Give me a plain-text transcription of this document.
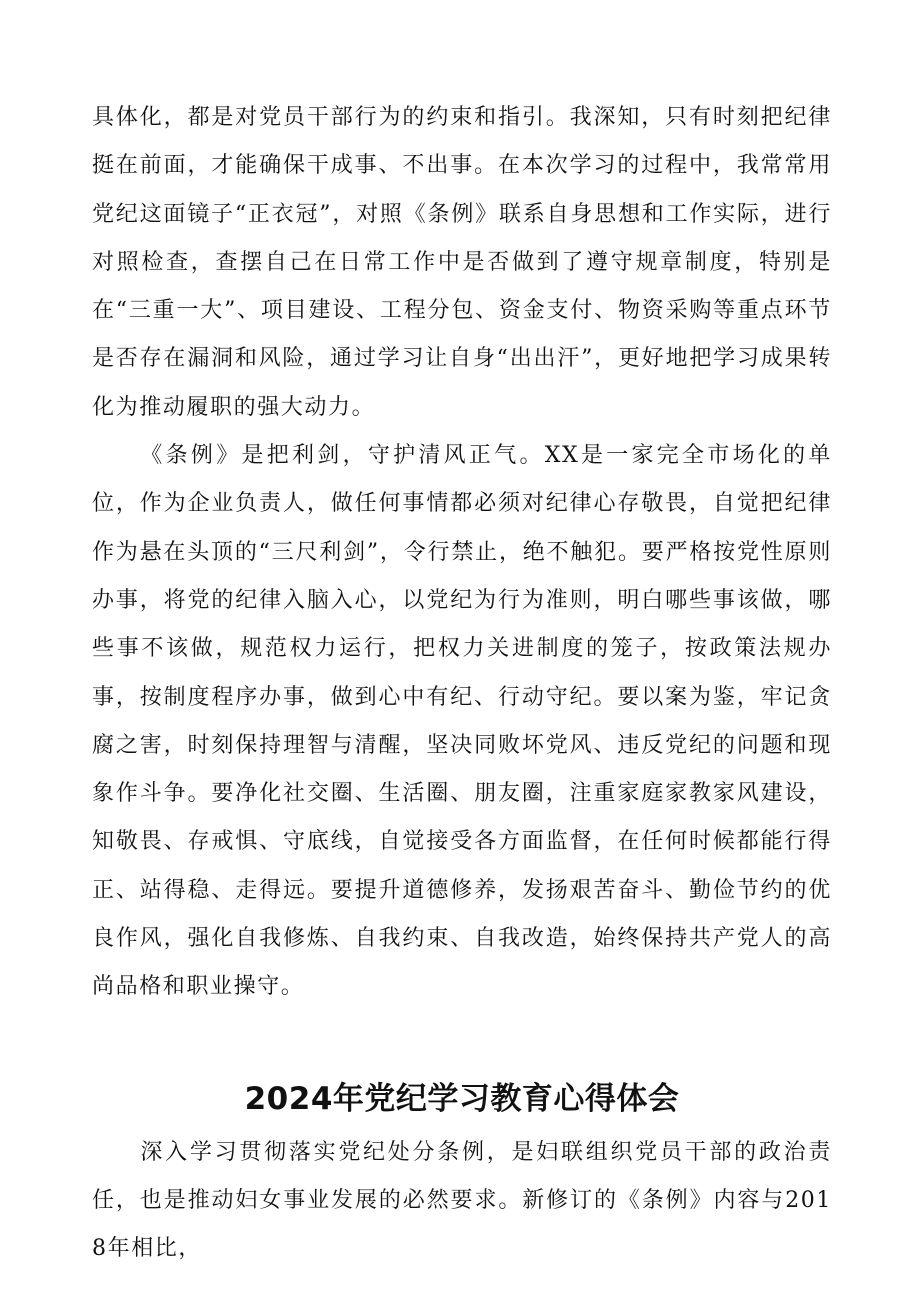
具体化，都是对党员干部行为的约束和指引。我深知，只有时刻把纪律挺在前面，才能确保干成事、不出事。在本次学习的过程中，我常常用党纪这面镜子“正衣冠”，对照《条例》联系自身思想和工作实际，进行对照检查，查摆自己在日常工作中是否做到了遵守规章制度，特别是在“三重一大”、项目建设、工程分包、资金支付、物资采购等重点环节是否存在漏洞和风险，通过学习让自身“出出汗”，更好地把学习成果转化为推动履职的强大动力。

《条例》是把利剑，守护清风正气。XX是一家完全市场化的单位，作为企业负责人，做任何事情都必须对纪律心存敬畏，自觉把纪律作为悬在头顶的“三尺利剑”，令行禁止，绝不触犯。要严格按党性原则办事，将党的纪律入脑入心，以党纪为行为准则，明白哪些事该做，哪些事不该做，规范权力运行，把权力关进制度的笼子，按政策法规办事，按制度程序办事，做到心中有纪、行动守纪。要以案为鉴，牢记贪腐之害，时刻保持理智与清醒，坚决同败坏党风、违反党纪的问题和现象作斗争。要净化社交圈、生活圈、朋友圈，注重家庭家教家风建设，知敬畏、存戒惧、守底线，自觉接受各方面监督，在任何时候都能行得正、站得稳、走得远。要提升道德修养，发扬艰苦奋斗、勤俭节约的优良作风，强化自我修炼、自我约束、自我改造，始终保持共产党人的高尚品格和职业操守。

2024年党纪学习教育心得体会

深入学习贯彻落实党纪处分条例，是妇联组织党员干部的政治责任，也是推动妇女事业发展的必然要求。新修订的《条例》内容与2018年相比，
